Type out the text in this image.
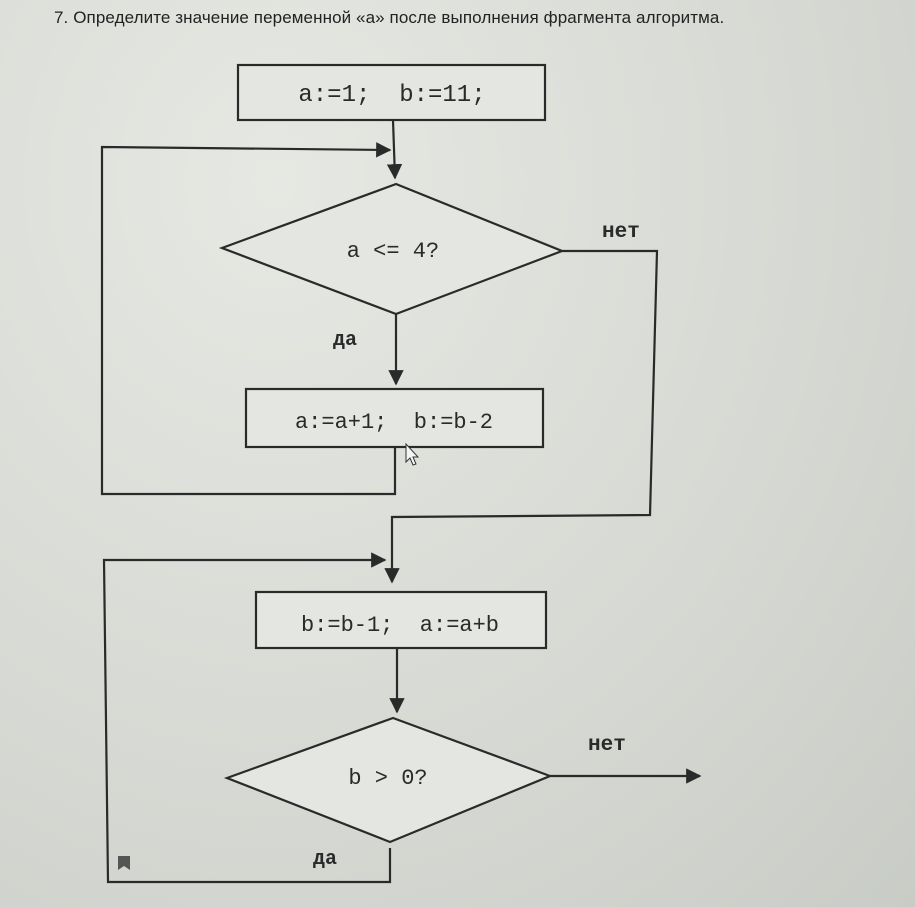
7. Определите значение переменной «a» после выполнения фрагмента алгоритма.
a:=1;  b:=11;
a <= 4?
нет
да
a:=a+1;  b:=b-2
b:=b-1;  a:=a+b
b > 0?
нет
да
